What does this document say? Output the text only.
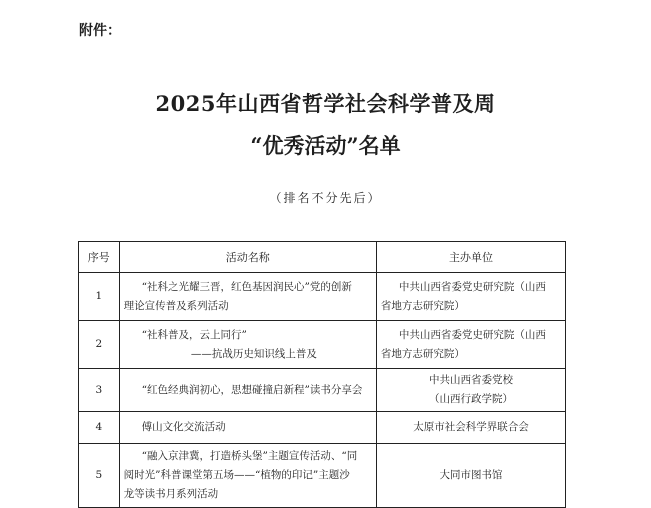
附件：
2025年山西省哲学社会科学普及周
“优秀活动”名单
（排名不分先后）
序号	活动名称	主办单位
1	“社科之光耀三晋，红色基因润民心”党的创新
理论宣传普及系列活动	中共山西省委党史研究院（山西
省地方志研究院）

2	“社科普及，云上同行”
——抗战历史知识线上普及	中共山西省委党史研究院（山西
省地方志研究院）

3	“红色经典润初心，思想碰撞启新程”读书分享会	中共山西省委党校
（山西行政学院）

4	傅山文化交流活动	太原市社会科学界联合会

5	“融入京津冀，打造桥头堡”主题宣传活动、“同
阅时光”科普课堂第五场——“植物的印记”主题沙
龙等读书月系列活动	大同市图书馆
